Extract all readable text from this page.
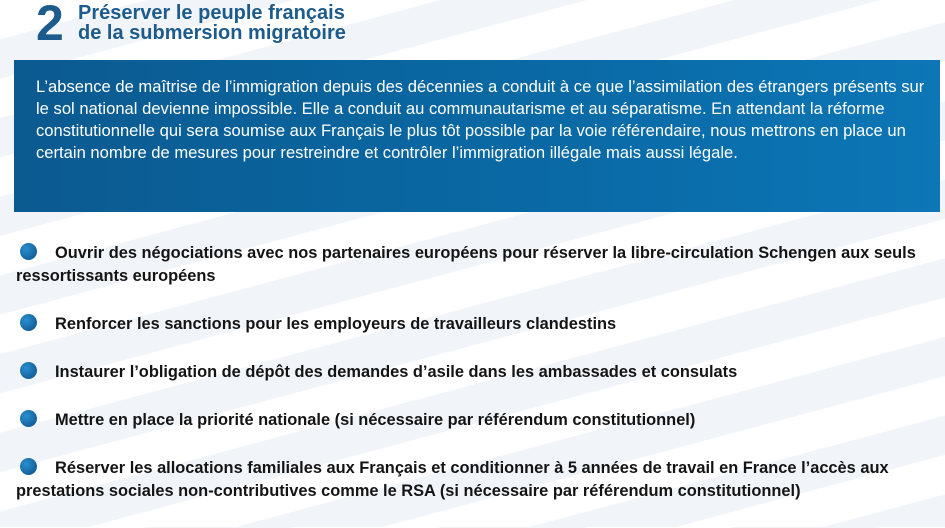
2 Préserver le peuple français
de la submersion migratoire
L’absence de maîtrise de l’immigration depuis des décennies a conduit à ce que l’assimilation des étrangers présents sur le sol national devienne impossible. Elle a conduit au communautarisme et au séparatisme. En attendant la réforme constitutionnelle qui sera soumise aux Français le plus tôt possible par la voie référendaire, nous mettrons en place un certain nombre de mesures pour restreindre et contrôler l’immigration illégale mais aussi légale.
Ouvrir des négociations avec nos partenaires européens pour réserver la libre-circulation Schengen aux seuls ressortissants européens
Renforcer les sanctions pour les employeurs de travailleurs clandestins
Instaurer l’obligation de dépôt des demandes d’asile dans les ambassades et consulats
Mettre en place la priorité nationale (si nécessaire par référendum constitutionnel)
Réserver les allocations familiales aux Français et conditionner à 5 années de travail en France l’accès aux prestations sociales non-contributives comme le RSA (si nécessaire par référendum constitutionnel)
